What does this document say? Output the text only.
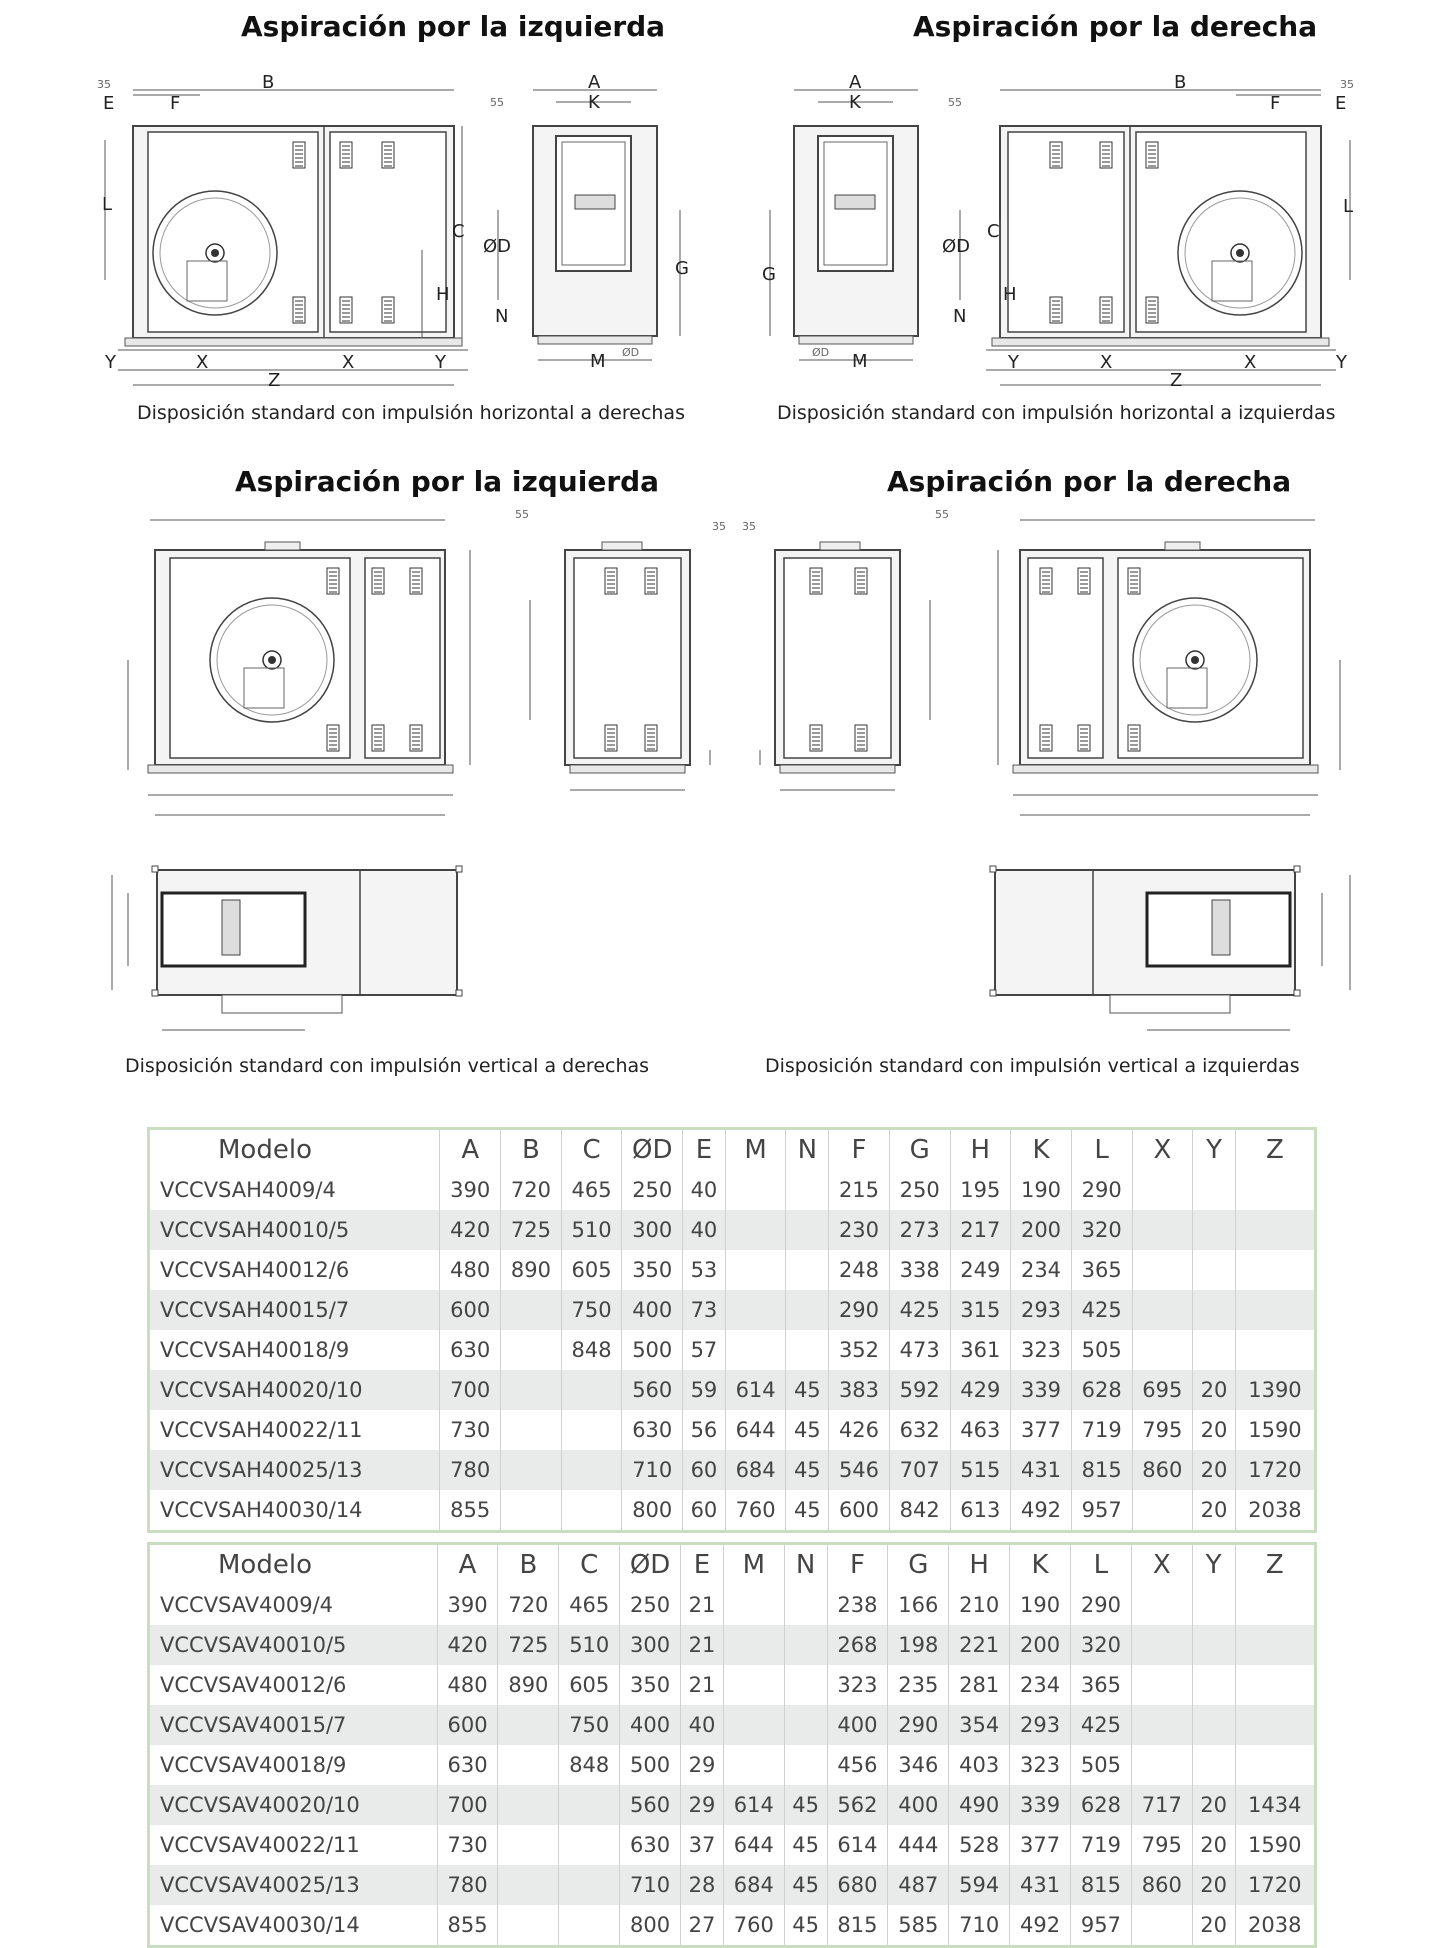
Aspiración por la izquierda	Aspiración por la derecha
Disposición standard con impulsión horizontal a derechas	Disposición standard con impulsión horizontal a izquierdas
Aspiración por la izquierda	Aspiración por la derecha
Disposición standard con impulsión vertical a derechas	Disposición standard con impulsión vertical a izquierdas
35	B
E	F
L
C
H
Y	X	X	Y
Z
55
A
K
ØD
G
N
M ØD
55
A
K
G
ØD
N
M
ØD
35
B
F	E
L
C
H
Y	X	X	Y
Z
55
35 35
55
Modelo	A	B	C	ØD	E	M	N	F	G	H	K	L	X	Y	Z
VCCVSAH4009/4	390	720	465	250	40			215	250	195	190	290			
VCCVSAH40010/5	420	725	510	300	40			230	273	217	200	320			
VCCVSAH40012/6	480	890	605	350	53			248	338	249	234	365			
VCCVSAH40015/7	600		750	400	73			290	425	315	293	425			
VCCVSAH40018/9	630		848	500	57			352	473	361	323	505			
VCCVSAH40020/10	700			560	59	614	45	383	592	429	339	628	695	20	1390
VCCVSAH40022/11	730			630	56	644	45	426	632	463	377	719	795	20	1590
VCCVSAH40025/13	780			710	60	684	45	546	707	515	431	815	860	20	1720
VCCVSAH40030/14	855			800	60	760	45	600	842	613	492	957		20	2038
Modelo	A	B	C	ØD	E	M	N	F	G	H	K	L	X	Y	Z
VCCVSAV4009/4	390	720	465	250	21			238	166	210	190	290			
VCCVSAV40010/5	420	725	510	300	21			268	198	221	200	320			
VCCVSAV40012/6	480	890	605	350	21			323	235	281	234	365			
VCCVSAV40015/7	600		750	400	40			400	290	354	293	425			
VCCVSAV40018/9	630		848	500	29			456	346	403	323	505			
VCCVSAV40020/10	700			560	29	614	45	562	400	490	339	628	717	20	1434
VCCVSAV40022/11	730			630	37	644	45	614	444	528	377	719	795	20	1590
VCCVSAV40025/13	780			710	28	684	45	680	487	594	431	815	860	20	1720
VCCVSAV40030/14	855			800	27	760	45	815	585	710	492	957		20	2038
